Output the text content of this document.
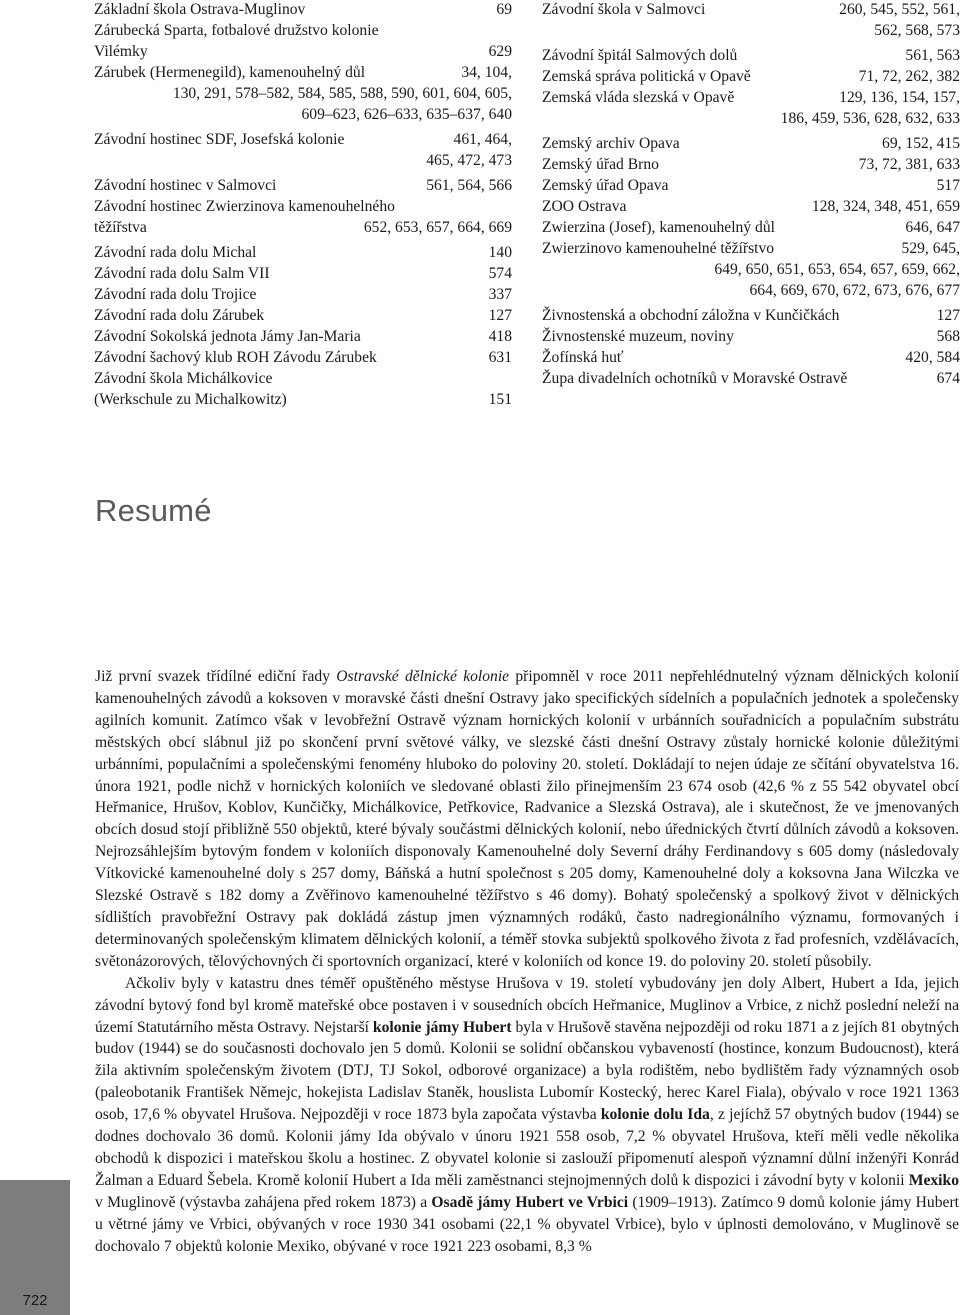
Základní škola Ostrava-Muglinov	69
Zárubecká Sparta, fotbalové družstvo kolonie
Vilémky	629
Zárubek (Hermenegild), kamenouhelný důl	34, 104,
130, 291, 578–582, 584, 585, 588, 590, 601, 604, 605,
609–623, 626–633, 635–637, 640
Závodní hostinec SDF, Josefská kolonie	461, 464,
465, 472, 473
Závodní hostinec v Salmovci	561, 564, 566
Závodní hostinec Zwierzinova kamenouhelného
těžířstva	652, 653, 657, 664, 669
Závodní rada dolu Michal	140
Závodní rada dolu Salm VII	574
Závodní rada dolu Trojice	337
Závodní rada dolu Zárubek	127
Závodní Sokolská jednota Jámy Jan-Maria	418
Závodní šachový klub ROH Závodu Zárubek	631
Závodní škola Michálkovice
(Werkschule zu Michalkowitz)	151
Závodní škola v Salmovci	260, 545, 552, 561,
562, 568, 573
Závodní špitál Salmových dolů	561, 563
Zemská správa politická v Opavě	71, 72, 262, 382
Zemská vláda slezská v Opavě	129, 136, 154, 157,
186, 459, 536, 628, 632, 633
Zemský archiv Opava	69, 152, 415
Zemský úřad Brno	73, 72, 381, 633
Zemský úřad Opava	517
ZOO Ostrava	128, 324, 348, 451, 659
Zwierzina (Josef), kamenouhelný důl	646, 647
Zwierzinovo kamenouhelné těžířstvo	529, 645,
649, 650, 651, 653, 654, 657, 659, 662,
664, 669, 670, 672, 673, 676, 677
Živnostenská a obchodní záložna v Kunčičkách	127
Živnostenské muzeum, noviny	568
Žofínská huť	420, 584
Župa divadelních ochotníků v Moravské Ostravě	674
Resumé

Již první svazek třídílné ediční řady Ostravské dělnické kolonie připomněl v roce 2011 nepřehlédnutelný význam dělnických kolonií kamenouhelných závodů a koksoven v moravské části dnešní Ostravy jako specifických sídelních a populačních jednotek a společensky agilních komunit. Zatímco však v levobřežní Ostravě význam hornických kolonií v urbánních souřadnicích a populačním substrátu městských obcí slábnul již po skončení první světové války, ve slezské části dnešní Ostravy zůstaly hornické kolonie důležitými urbánními, populačními a společenskými fenomény hluboko do poloviny 20. století. Dokládají to nejen údaje ze sčítání obyvatelstva 16. února 1921, podle nichž v hornických koloniích ve sledované oblasti žilo přinejmenším 23 674 osob (42,6 % z 55 542 obyvatel obcí Heřmanice, Hrušov, Koblov, Kunčičky, Michálkovice, Petřkovice, Radvanice a Slezská Ostrava), ale i skutečnost, že ve jmenovaných obcích dosud stojí přibližně 550 objektů, které bývaly součástmi dělnických kolonií, nebo úřednických čtvrtí důlních závodů a koksoven. Nejrozsáhlejším bytovým fondem v koloniích disponovaly Kamenouhelné doly Severní dráhy Ferdinandovy s 605 domy (následovaly Vítkovické kamenouhelné doly s 257 domy, Báňská a hutní společnost s 205 domy, Kamenouhelné doly a koksovna Jana Wilczka ve Slezské Ostravě s 182 domy a Zvěřinovo kamenouhelné těžířstvo s 46 domy). Bohatý společenský a spolkový život v dělnických sídlištích pravobřežní Ostravy pak dokládá zástup jmen významných rodáků, často nadregionálního významu, formovaných i determinovaných společenským klimatem dělnických kolonií, a téměř stovka subjektů spolkového života z řad profesních, vzdělávacích, světonázorových, tělovýchovných či sportovních organizací, které v koloniích od konce 19. do poloviny 20. století působily.

Ačkoliv byly v katastru dnes téměř opuštěného městyse Hrušova v 19. století vybudovány jen doly Albert, Hubert a Ida, jejich závodní bytový fond byl kromě mateřské obce postaven i v sousedních obcích Heřmanice, Muglinov a Vrbice, z nichž poslední neleží na území Statutárního města Ostravy. Nejstarší kolonie jámy Hubert byla v Hrušově stavěna nejpozději od roku 1871 a z jejích 81 obytných budov (1944) se do současnosti dochovalo jen 5 domů. Kolonii se solidní občanskou vybaveností (hostince, konzum Budoucnost), která žila aktivním společenským životem (DTJ, TJ Sokol, odborové organizace) a byla rodištěm, nebo bydlištěm řady významných osob (paleobotanik František Němejc, hokejista Ladislav Staněk, houslista Lubomír Kostecký, herec Karel Fiala), obývalo v roce 1921 1363 osob, 17,6 % obyvatel Hrušova. Nejpozději v roce 1873 byla započata výstavba kolonie dolu Ida, z jejíchž 57 obytných budov (1944) se dodnes dochovalo 36 domů. Kolonii jámy Ida obývalo v únoru 1921 558 osob, 7,2 % obyvatel Hrušova, kteří měli vedle několika obchodů k dispozici i mateřskou školu a hostinec. Z obyvatel kolonie si zaslouží připomenutí alespoň významní důlní inženýři Konrád Žalman a Eduard Šebela. Kromě kolonií Hubert a Ida měli zaměstnanci stejnojmenných dolů k dispozici i závodní byty v kolonii Mexiko v Muglinově (výstavba zahájena před rokem 1873) a Osadě jámy Hubert ve Vrbici (1909–1913). Zatímco 9 domů kolonie jámy Hubert u větrné jámy ve Vrbici, obývaných v roce 1930 341 osobami (22,1 % obyvatel Vrbice), bylo v úplnosti demolováno, v Muglinově se dochovalo 7 objektů kolonie Mexiko, obývané v roce 1921 223 osobami, 8,3 %

722
